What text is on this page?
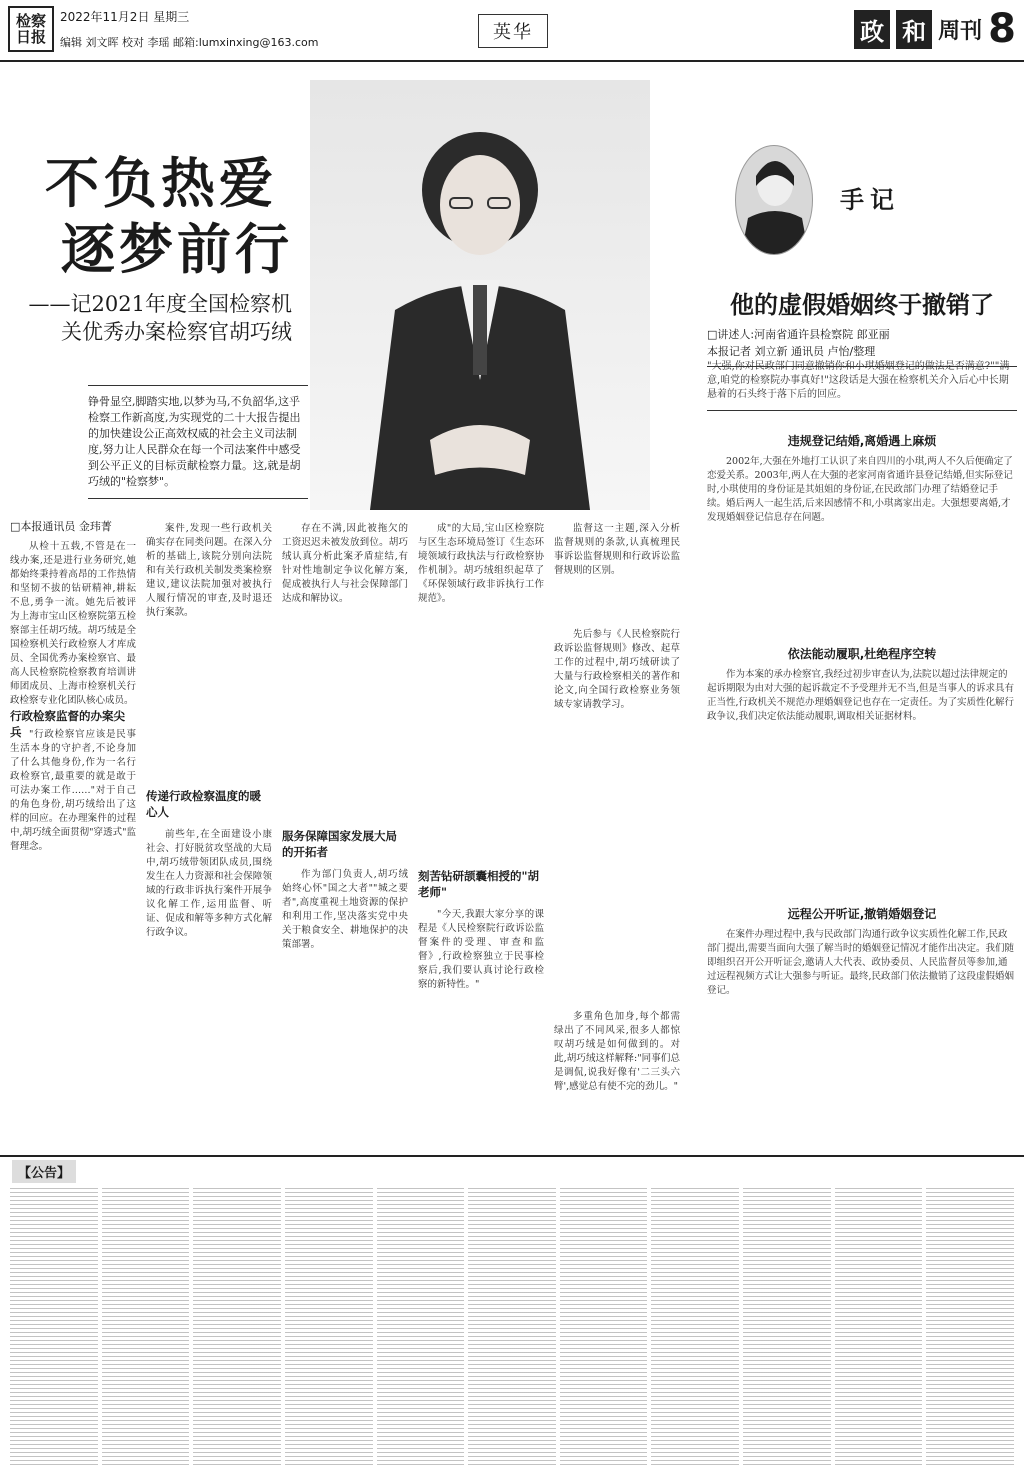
检察日报
2022年11月2日 星期三
编辑 刘文晖 校对 李瑶 邮箱:lumxinxing@163.com	英华	政 和 周刊 8
不负热爱
逐梦前行
——记2021年度全国检察机关优秀办案检察官胡巧绒
铮骨显空,脚踏实地,以梦为马,不负韶华,这乎检察工作新高度,为实现党的二十大报告提出的加快建设公正高效权威的社会主义司法制度,努力让人民群众在每一个司法案件中感受到公平正义的目标贡献检察力量。这,就是胡巧绒的"检察梦"。
手记
他的虚假婚姻终于撤销了
□讲述人:河南省通许县检察院 郎亚丽
本报记者 刘立新 通讯员 卢怡/整理
"大强,你对民政部门同意撤销你和小琪婚姻登记的做法是否满意?""满意,咱党的检察院办事真好!"这段话是大强在检察机关介入后心中长期悬着的石头终于落下后的回应。
违规登记结婚,离婚遇上麻烦
2002年,大强在外地打工认识了来自四川的小琪,两人不久后便确定了恋爱关系。2003年,两人在大强的老家河南省通许县登记结婚,但实际登记时,小琪使用的身份证是其姐姐的身份证,在民政部门办理了结婚登记手续。婚后两人一起生活,后来因感情不和,小琪离家出走。大强想要离婚,才发现婚姻登记信息存在问题。
依法能动履职,杜绝程序空转
作为本案的承办检察官,我经过初步审查认为,法院以超过法律规定的起诉期限为由对大强的起诉裁定不予受理并无不当,但是当事人的诉求具有正当性,行政机关不规范办理婚姻登记也存在一定责任。为了实质性化解行政争议,我们决定依法能动履职,调取相关证据材料。
远程公开听证,撤销婚姻登记
在案件办理过程中,我与民政部门沟通行政争议实质性化解工作,民政部门提出,需要当面向大强了解当时的婚姻登记情况才能作出决定。我们随即组织召开公开听证会,邀请人大代表、政协委员、人民监督员等参加,通过远程视频方式让大强参与听证。最终,民政部门依法撤销了这段虚假婚姻登记。
□本报通讯员 金玮菁
从检十五载,不管是在一线办案,还是进行业务研究,她都始终秉持着高昂的工作热情和坚韧不拔的钻研精神,耕耘不息,勇争一流。她先后被评为上海市宝山区检察院第五检察部主任胡巧绒。胡巧绒是全国检察机关行政检察人才库成员、全国优秀办案检察官、最高人民检察院检察教育培训讲师团成员、上海市检察机关行政检察专业化团队核心成员。
行政检察监督的办案尖兵 "行政检察官应该是民事生活本身的守护者,不论身加了什么其他身份,作为一名行政检察官,最重要的就是敢于可法办案工作……"对于自己的角色身份,胡巧绒给出了这样的回应。在办理案件的过程中,胡巧绒全面贯彻"穿透式"监督理念。
案件,发现一些行政机关确实存在同类问题。在深入分析的基础上,该院分别向法院和有关行政机关制发类案检察建议,建议法院加强对被执行人履行情况的审查,及时退还执行案款。
传递行政检察温度的暖心人
前些年,在全面建设小康社会、打好脱贫攻坚战的大局中,胡巧绒带领团队成员,围绕发生在人力资源和社会保障领域的行政非诉执行案件开展争议化解工作,运用监督、听证、促成和解等多种方式化解行政争议。
存在不满,因此被拖欠的工资迟迟未被发放到位。胡巧绒认真分析此案矛盾症结,有针对性地制定争议化解方案,促成被执行人与社会保障部门达成和解协议。
服务保障国家发展大局的开拓者
作为部门负责人,胡巧绒始终心怀"国之大者""城之要者",高度重视土地资源的保护和利用工作,坚决落实党中央关于粮食安全、耕地保护的决策部署。
成"的大局,宝山区检察院与区生态环境局签订《生态环境领域行政执法与行政检察协作机制》。胡巧绒组织起草了《环保领域行政非诉执行工作规范》。
刻苦钻研颉囊相授的"胡老师"
"今天,我跟大家分享的课程是《人民检察院行政诉讼监督案件的受理、审查和监督》,行政检察独立于民事检察后,我们要认真讨论行政检察的新特性。"
监督这一主题,深入分析监督规则的条款,认真梳理民事诉讼监督规则和行政诉讼监督规则的区别。
先后参与《人民检察院行政诉讼监督规则》修改、起草工作的过程中,胡巧绒研读了大量与行政检察相关的著作和论文,向全国行政检察业务领域专家请教学习。
多重角色加身,每个都需绿出了不同风采,很多人都惊叹胡巧绒是如何做到的。对此,胡巧绒这样解释:"同事们总是调侃,说我好像有'二三头六臂',感觉总有使不完的劲儿。"
【公告】
